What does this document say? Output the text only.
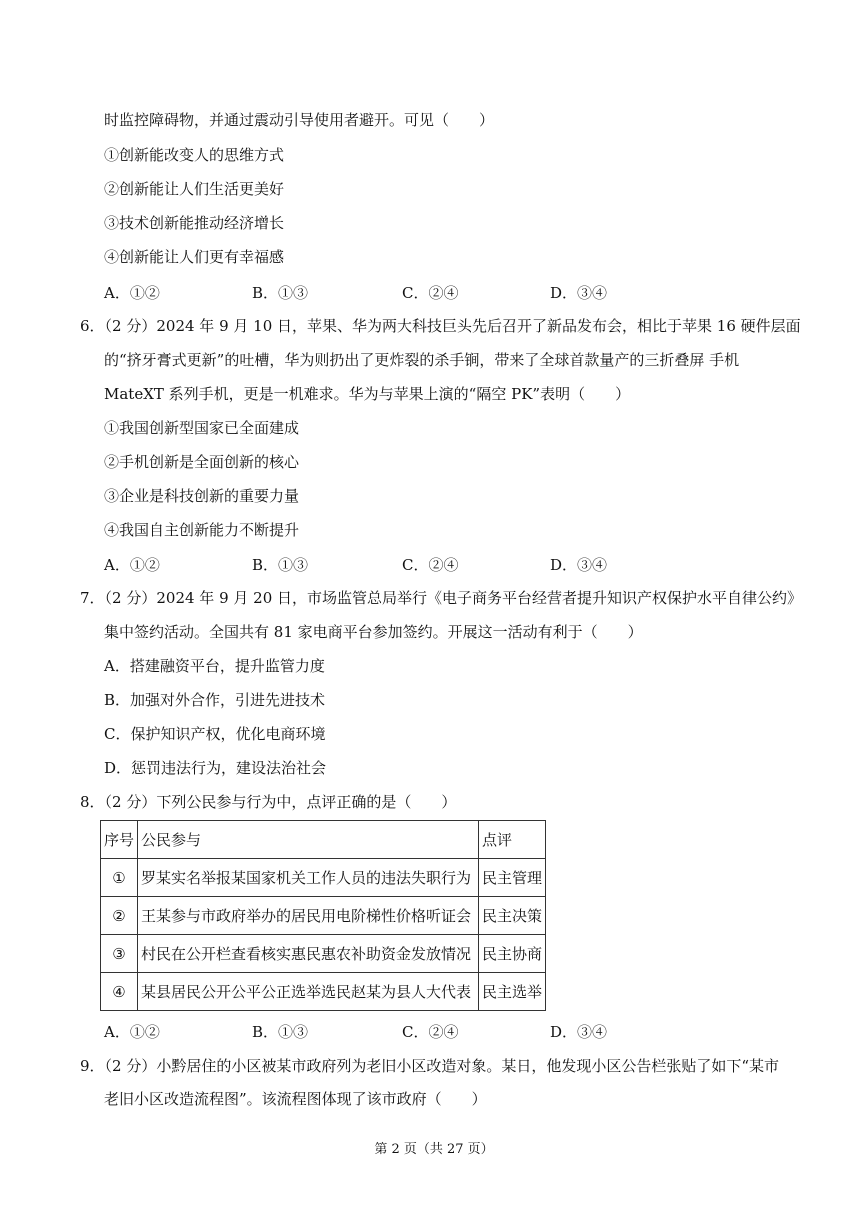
时监控障碍物，并通过震动引导使用者避开。可见（　　）
①创新能改变人的思维方式
②创新能让人们生活更美好
③技术创新能推动经济增长
④创新能让人们更有幸福感
A．①②	B．①③	C．②④	D．③④
6．（2 分）2024 年 9 月 10 日，苹果、华为两大科技巨头先后召开了新品发布会，相比于苹果 16 硬件层面
的“挤牙膏式更新”的吐槽，华为则扔出了更炸裂的杀手锏，带来了全球首款量产的三折叠屏 手机
MateXT 系列手机，更是一机难求。华为与苹果上演的“隔空 PK”表明（　　）
①我国创新型国家已全面建成
②手机创新是全面创新的核心
③企业是科技创新的重要力量
④我国自主创新能力不断提升
A．①②	B．①③	C．②④	D．③④
7．（2 分）2024 年 9 月 20 日，市场监管总局举行《电子商务平台经营者提升知识产权保护水平自律公约》
集中签约活动。全国共有 81 家电商平台参加签约。开展这一活动有利于（　　）
A．搭建融资平台，提升监管力度
B．加强对外合作，引进先进技术
C．保护知识产权，优化电商环境
D．惩罚违法行为，建设法治社会
8．（2 分）下列公民参与行为中，点评正确的是（　　）
序号	公民参与	点评
①	罗某实名举报某国家机关工作人员的违法失职行为	民主管理
②	王某参与市政府举办的居民用电阶梯性价格听证会	民主决策
③	村民在公开栏查看核实惠民惠农补助资金发放情况	民主协商
④	某县居民公开公平公正选举选民赵某为县人大代表	民主选举
A．①②	B．①③	C．②④	D．③④
9．（2 分）小黔居住的小区被某市政府列为老旧小区改造对象。某日，他发现小区公告栏张贴了如下“某市
老旧小区改造流程图”。该流程图体现了该市政府（　　）
第 2 页（共 27 页）
